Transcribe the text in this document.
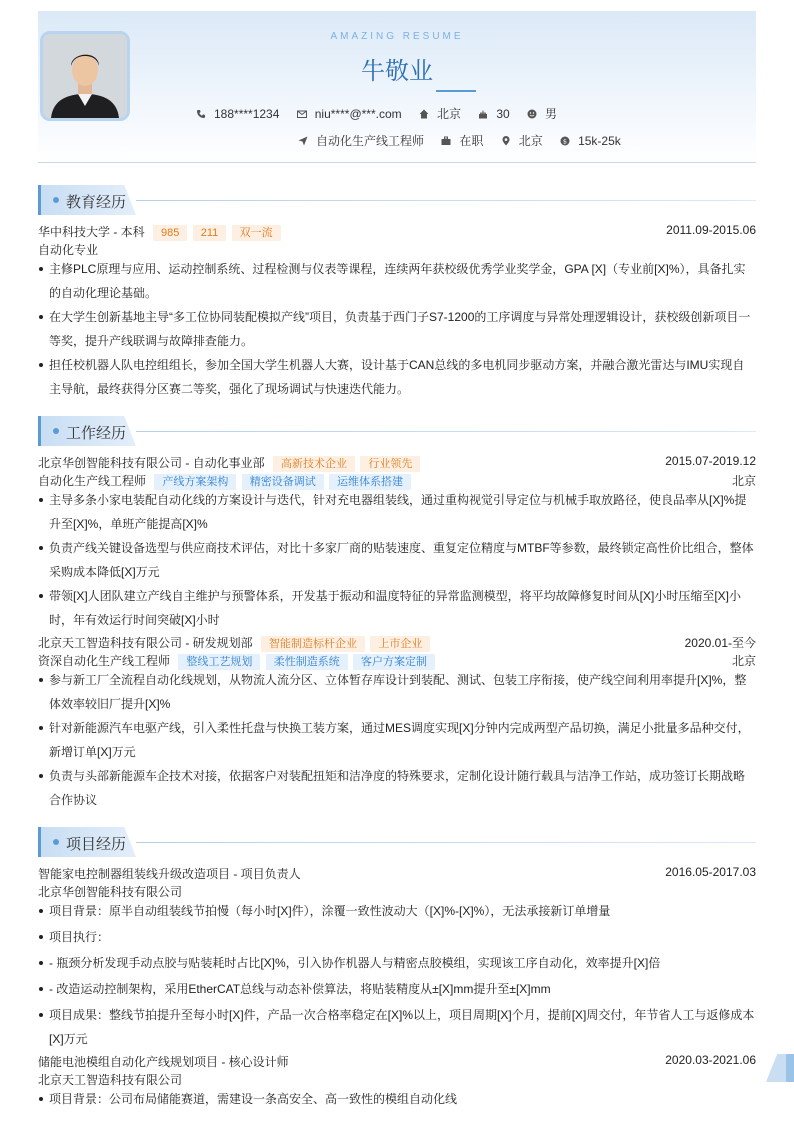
AMAZING RESUME
牛敬业
188****1234
	niu****@***.com
	北京
	30
	男
自动化生产线工程师
	在职
	北京
	$ 15k-25k
教育经历
华中科技大学 - 本科 985 211 双一流	2011.09-2015.06
自动化专业
主修PLC原理与应用、运动控制系统、过程检测与仪表等课程，连续两年获校级优秀学业奖学金，GPA [X]（专业前[X]%），具备扎实的自动化理论基础。
在大学生创新基地主导“多工位协同装配模拟产线”项目，负责基于西门子S7-1200的工序调度与异常处理逻辑设计，获校级创新项目一等奖，提升产线联调与故障排查能力。
担任校机器人队电控组组长，参加全国大学生机器人大赛，设计基于CAN总线的多电机同步驱动方案，并融合激光雷达与IMU实现自主导航，最终获得分区赛二等奖，强化了现场调试与快速迭代能力。
工作经历
北京华创智能科技有限公司 - 自动化事业部 高新技术企业 行业领先	2015.07-2019.12
自动化生产线工程师 产线方案架构 精密设备调试 运维体系搭建	北京
主导多条小家电装配自动化线的方案设计与迭代，针对充电器组装线，通过重构视觉引导定位与机械手取放路径，使良品率从[X]%提升至[X]%，单班产能提高[X]%
负责产线关键设备选型与供应商技术评估，对比十多家厂商的贴装速度、重复定位精度与MTBF等参数，最终锁定高性价比组合，整体采购成本降低[X]万元
带领[X]人团队建立产线自主维护与预警体系，开发基于振动和温度特征的异常监测模型，将平均故障修复时间从[X]小时压缩至[X]小时，年有效运行时间突破[X]小时
北京天工智造科技有限公司 - 研发规划部 智能制造标杆企业 上市企业	2020.01-至今
资深自动化生产线工程师 整线工艺规划 柔性制造系统 客户方案定制	北京
参与新工厂全流程自动化线规划，从物流人流分区、立体暂存库设计到装配、测试、包装工序衔接，使产线空间利用率提升[X]%，整体效率较旧厂提升[X]%
针对新能源汽车电驱产线，引入柔性托盘与快换工装方案，通过MES调度实现[X]分钟内完成两型产品切换，满足小批量多品种交付，新增订单[X]万元
负责与头部新能源车企技术对接，依据客户对装配扭矩和洁净度的特殊要求，定制化设计随行载具与洁净工作站，成功签订长期战略合作协议
项目经历
智能家电控制器组装线升级改造项目 - 项目负责人	2016.05-2017.03
北京华创智能科技有限公司
项目背景：原半自动组装线节拍慢（每小时[X]件），涂覆一致性波动大（[X]%-[X]%），无法承接新订单增量
项目执行：
- 瓶颈分析发现手动点胶与贴装耗时占比[X]%，引入协作机器人与精密点胶模组，实现该工序自动化，效率提升[X]倍
- 改造运动控制架构，采用EtherCAT总线与动态补偿算法，将贴装精度从±[X]mm提升至±[X]mm
项目成果：整线节拍提升至每小时[X]件，产品一次合格率稳定在[X]%以上，项目周期[X]个月，提前[X]周交付，年节省人工与返修成本[X]万元
储能电池模组自动化产线规划项目 - 核心设计师	2020.03-2021.06
北京天工智造科技有限公司
项目背景：公司布局储能赛道，需建设一条高安全、高一致性的模组自动化线
